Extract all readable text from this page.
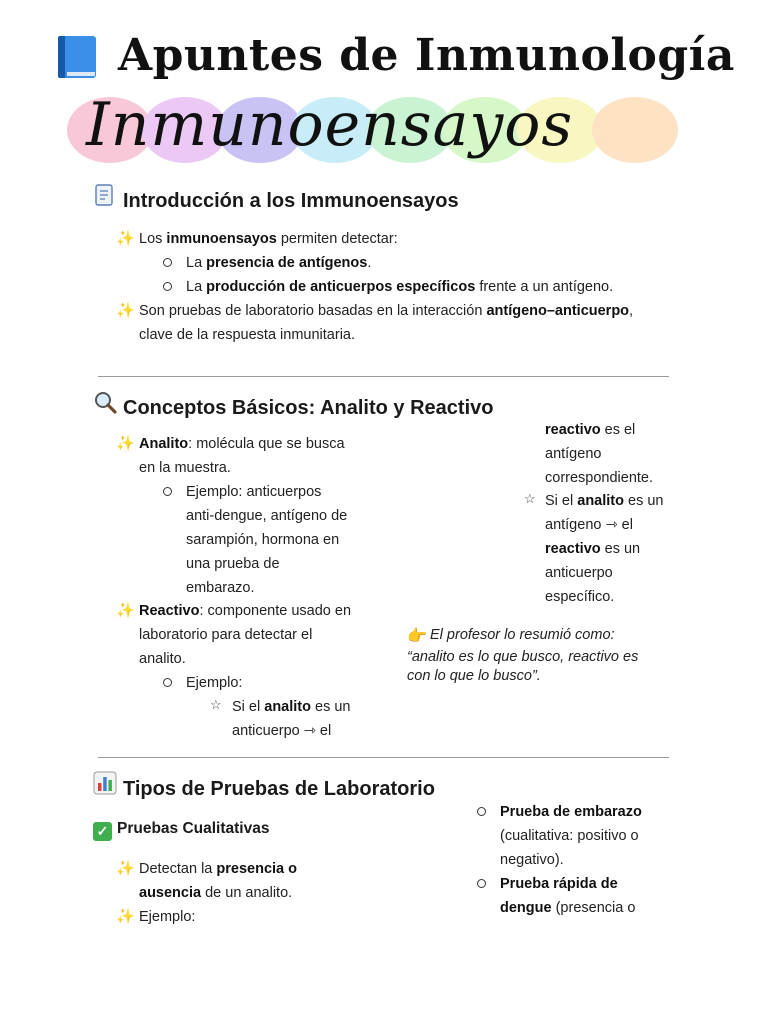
Apuntes de Inmunología
Inmunoensayos
Introducción a los Immunoensayos
✨ Los inmunoensayos permiten detectar:
La presencia de antígenos.
La producción de anticuerpos específicos frente a un antígeno.
✨ Son pruebas de laboratorio basadas en la interacción antígeno–anticuerpo,
clave de la respuesta inmunitaria.
Conceptos Básicos: Analito y Reactivo
✨ Analito: molécula que se busca
en la muestra.
Ejemplo: anticuerpos
anti-dengue, antígeno de
sarampión, hormona en
una prueba de
embarazo.
✨ Reactivo: componente usado en
laboratorio para detectar el
analito.
Ejemplo:
☆ Si el analito es un
anticuerpo ⇾ el
reactivo es el
antígeno
correspondiente.
☆ Si el analito es un
antígeno ⇾ el
reactivo es un
anticuerpo
específico.
👉 El profesor lo resumió como:
“analito es lo que busco, reactivo es
con lo que lo busco”.
Tipos de Pruebas de Laboratorio
✓ Pruebas Cualitativas
✨ Detectan la presencia o
ausencia de un analito.
✨ Ejemplo:
Prueba de embarazo
(cualitativa: positivo o
negativo).
Prueba rápida de
dengue (presencia o
